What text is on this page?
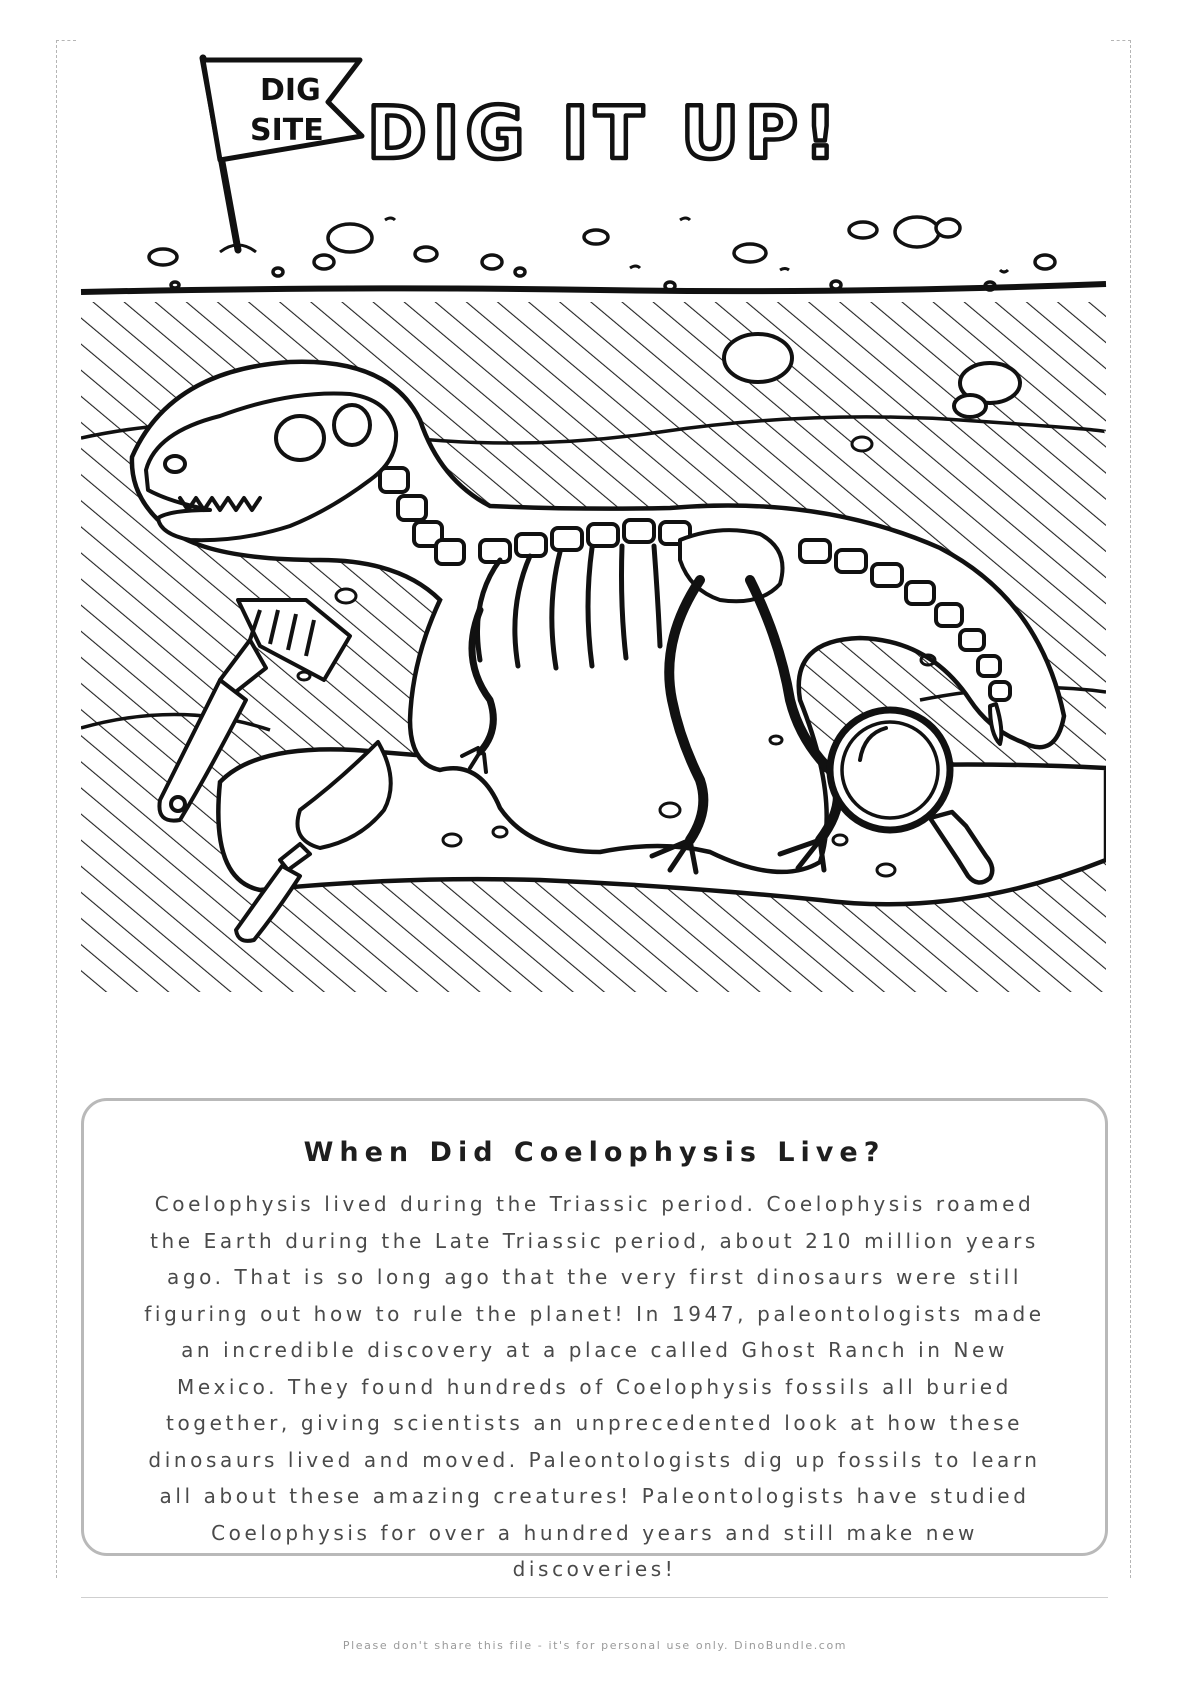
DIG
SITE DIG IT UP!
When Did Coelophysis Live?

Coelophysis lived during the Triassic period. Coelophysis roamed the Earth during the Late Triassic period, about 210 million years ago. That is so long ago that the very first dinosaurs were still figuring out how to rule the planet! In 1947, paleontologists made an incredible discovery at a place called Ghost Ranch in New Mexico. They found hundreds of Coelophysis fossils all buried together, giving scientists an unprecedented look at how these dinosaurs lived and moved. Paleontologists dig up fossils to learn all about these amazing creatures! Paleontologists have studied Coelophysis for over a hundred years and still make new discoveries!

Please don't share this file - it's for personal use only. DinoBundle.com
